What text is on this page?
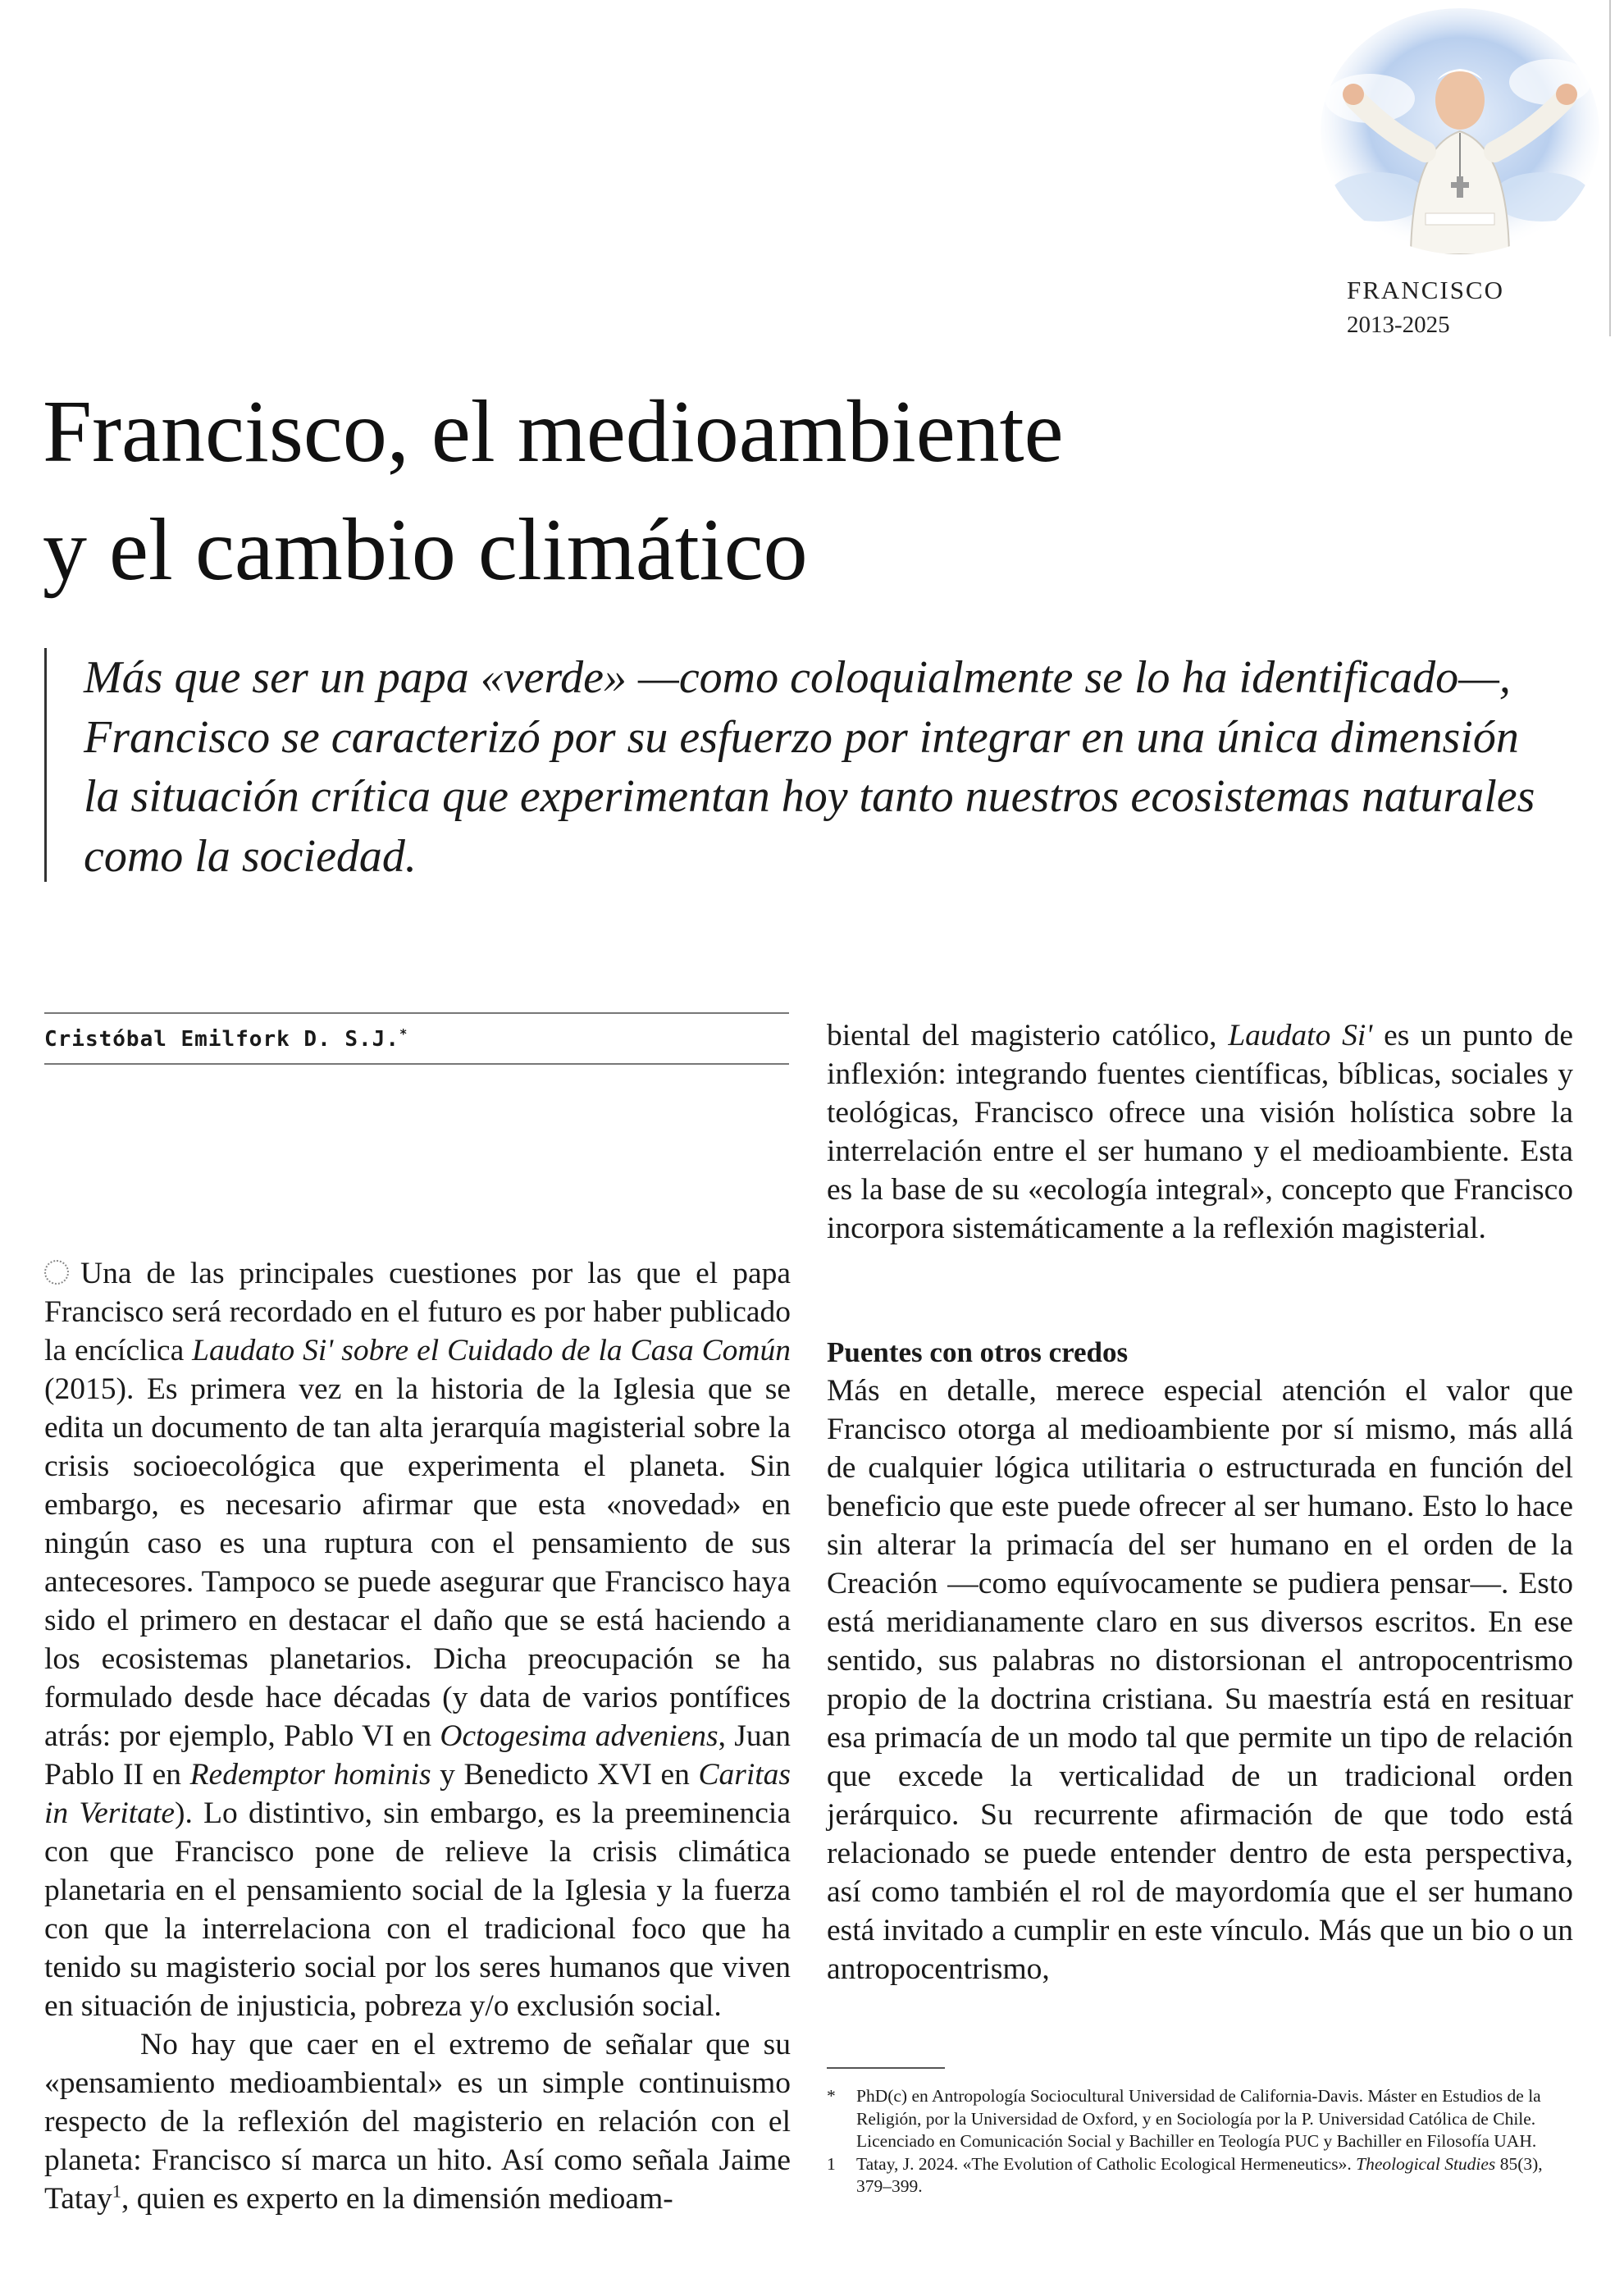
FRANCISCO
2013-2025
Francisco, el medioambiente
y el cambio climático

Más que ser un papa «verde» —como coloquialmente se lo ha identificado—, Francisco se caracterizó por su esfuerzo por integrar en una única dimensión la situación crítica que experimentan hoy tanto nuestros ecosistemas naturales como la sociedad.

Cristóbal Emilfork D. S.J.*

Una de las principales cuestiones por las que el papa Francisco será recordado en el futuro es por haber publicado la encíclica Laudato Si' sobre el Cuidado de la Casa Común (2015). Es primera vez en la historia de la Iglesia que se edita un documento de tan alta jerarquía magisterial sobre la crisis socioecológica que experimenta el planeta. Sin embargo, es necesario afirmar que esta «novedad» en ningún caso es una ruptura con el pensamiento de sus antecesores. Tampoco se puede asegurar que Francisco haya sido el primero en destacar el daño que se está haciendo a los ecosistemas planetarios. Dicha preocupación se ha formulado desde hace décadas (y data de varios pontífices atrás: por ejemplo, Pablo VI en Octogesima adveniens, Juan Pablo II en Redemptor hominis y Benedicto XVI en Caritas in Veritate). Lo distintivo, sin embargo, es la preeminencia con que Francisco pone de relieve la crisis climática planetaria en el pensamiento social de la Iglesia y la fuerza con que la interrelaciona con el tradicional foco que ha tenido su magisterio social por los seres humanos que viven en situación de injusticia, pobreza y/o exclusión social.

No hay que caer en el extremo de señalar que su «pensamiento medioambiental» es un simple continuismo respecto de la reflexión del magisterio en relación con el planeta: Francisco sí marca un hito. Así como señala Jaime Tatay$^1$, quien es experto en la dimensión medioam-

biental del magisterio católico, Laudato Si' es un punto de inflexión: integrando fuentes científicas, bíblicas, sociales y teológicas, Francisco ofrece una visión holística sobre la interrelación entre el ser humano y el medioambiente. Esta es la base de su «ecología integral», concepto que Francisco incorpora sistemáticamente a la reflexión magisterial.

Puentes con otros credos

Más en detalle, merece especial atención el valor que Francisco otorga al medioambiente por sí mismo, más allá de cualquier lógica utilitaria o estructurada en función del beneficio que este puede ofrecer al ser humano. Esto lo hace sin alterar la primacía del ser humano en el orden de la Creación —como equívocamente se pudiera pensar—. Esto está meridianamente claro en sus diversos escritos. En ese sentido, sus palabras no distorsionan el antropocentrismo propio de la doctrina cristiana. Su maestría está en resituar esa primacía de un modo tal que permite un tipo de relación que excede la verticalidad de un tradicional orden jerárquico. Su recurrente afirmación de que todo está relacionado se puede entender dentro de esta perspectiva, así como también el rol de mayordomía que el ser humano está invitado a cumplir en este vínculo. Más que un bio o un antropocentrismo,

*	PhD(c) en Antropología Sociocultural Universidad de California-Davis. Máster en Estudios de la Religión, por la Universidad de Oxford, y en Sociología por la P. Universidad Católica de Chile. Licenciado en Comunicación Social y Bachiller en Teología PUC y Bachiller en Filosofía UAH.
1	Tatay, J. 2024. «The Evolution of Catholic Ecological Hermeneutics». Theological Studies 85(3), 379–399.
